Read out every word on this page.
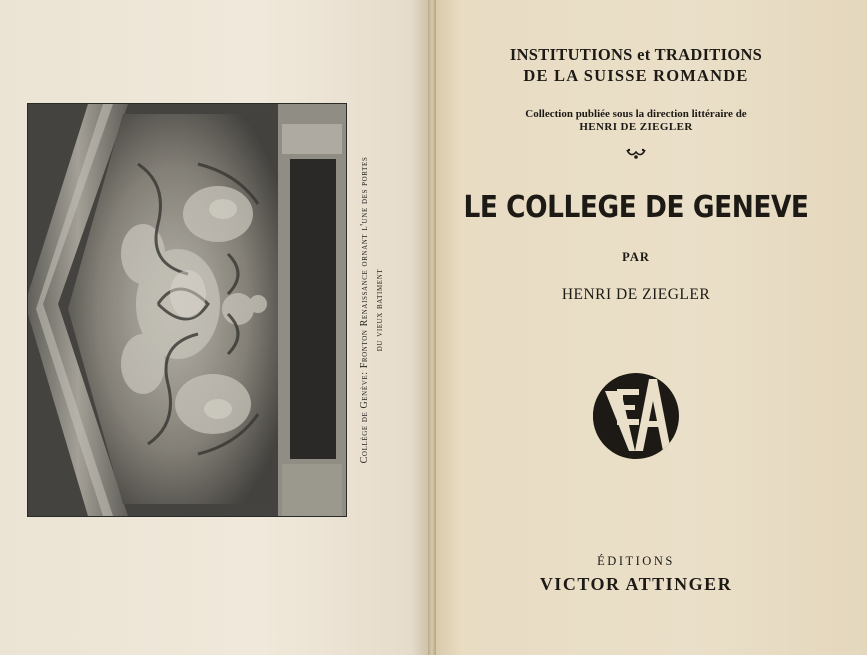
Collège de Genève: Fronton Renaissance ornant l'une des portes du vieux batiment
INSTITUTIONS et TRADITIONS
DE LA SUISSE ROMANDE
Collection publiée sous la direction littéraire de
HENRI DE ZIEGLER
LE COLLEGE DE GENEVE
PAR
HENRI DE ZIEGLER
ÉDITIONS
VICTOR ATTINGER
